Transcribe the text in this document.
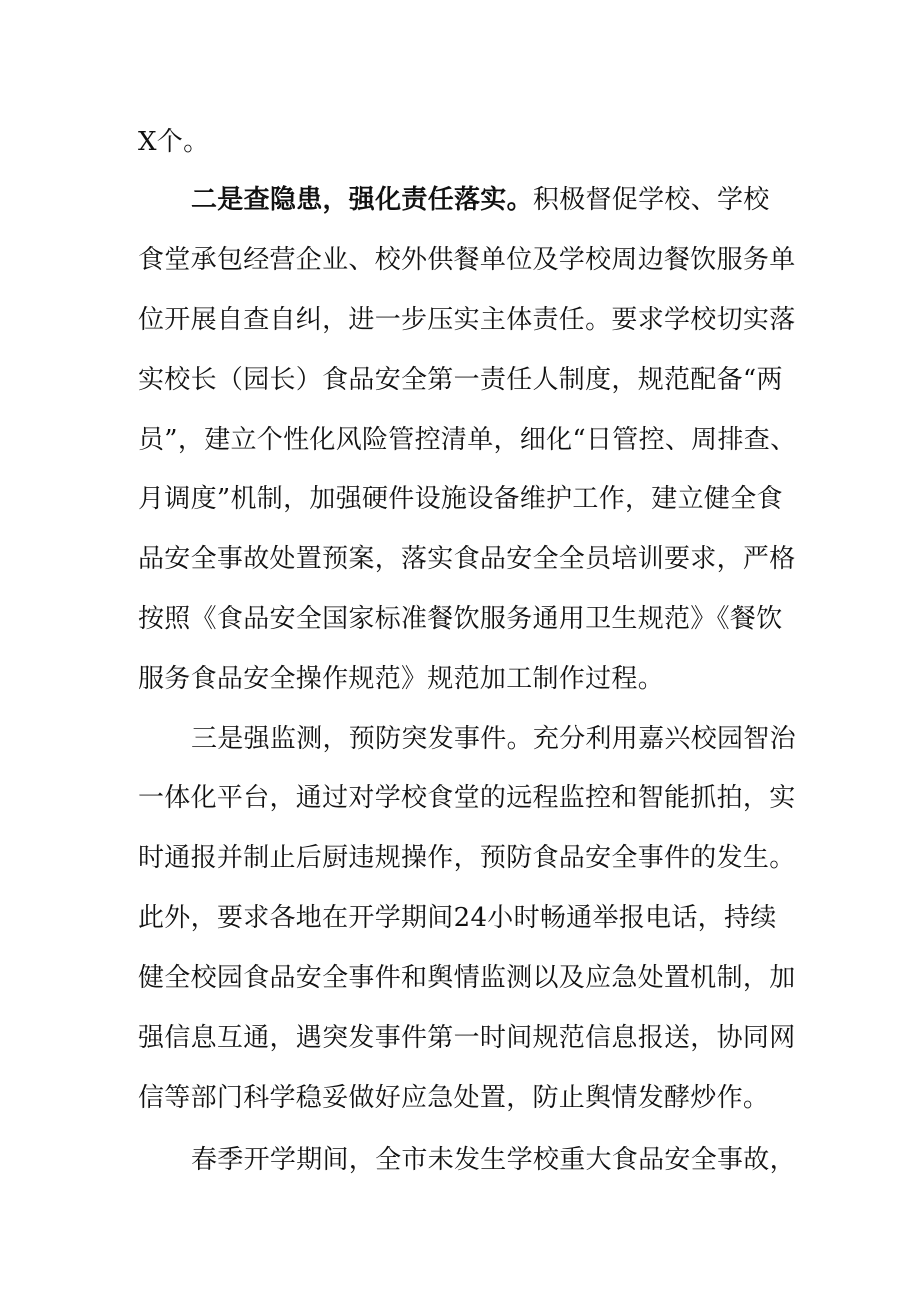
X个。
二是查隐患，强化责任落实。积极督促学校、学校
食堂承包经营企业、校外供餐单位及学校周边餐饮服务单
位开展自查自纠，进一步压实主体责任。要求学校切实落
实校长（园长）食品安全第一责任人制度，规范配备“两
员”，建立个性化风险管控清单，细化“日管控、周排查、
月调度”机制，加强硬件设施设备维护工作，建立健全食
品安全事故处置预案，落实食品安全全员培训要求，严格
按照《食品安全国家标准餐饮服务通用卫生规范》《餐饮
服务食品安全操作规范》规范加工制作过程。
三是强监测，预防突发事件。充分利用嘉兴校园智治
一体化平台，通过对学校食堂的远程监控和智能抓拍，实
时通报并制止后厨违规操作，预防食品安全事件的发生。
此外，要求各地在开学期间24小时畅通举报电话，持续
健全校园食品安全事件和舆情监测以及应急处置机制，加
强信息互通，遇突发事件第一时间规范信息报送，协同网
信等部门科学稳妥做好应急处置，防止舆情发酵炒作。
春季开学期间，全市未发生学校重大食品安全事故，
